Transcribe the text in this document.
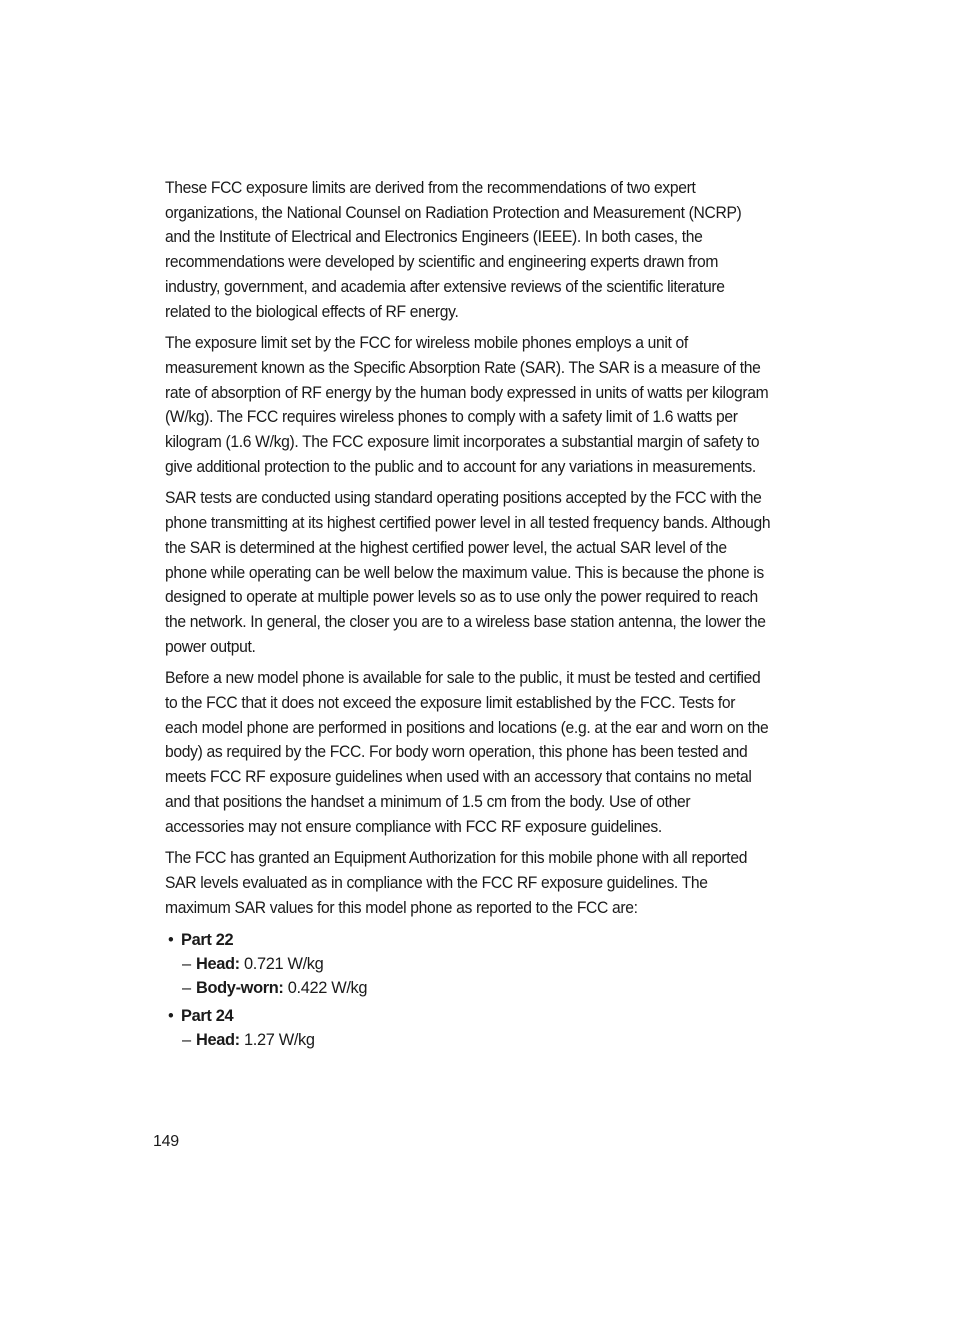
These FCC exposure limits are derived from the recommendations of two expert organizations, the National Counsel on Radiation Protection and Measurement (NCRP) and the Institute of Electrical and Electronics Engineers (IEEE). In both cases, the recommendations were developed by scientific and engineering experts drawn from industry, government, and academia after extensive reviews of the scientific literature related to the biological effects of RF energy.

The exposure limit set by the FCC for wireless mobile phones employs a unit of measurement known as the Specific Absorption Rate (SAR). The SAR is a measure of the rate of absorption of RF energy by the human body expressed in units of watts per kilogram (W/kg). The FCC requires wireless phones to comply with a safety limit of 1.6 watts per kilogram (1.6 W/kg). The FCC exposure limit incorporates a substantial margin of safety to give additional protection to the public and to account for any variations in measurements.

SAR tests are conducted using standard operating positions accepted by the FCC with the phone transmitting at its highest certified power level in all tested frequency bands. Although the SAR is determined at the highest certified power level, the actual SAR level of the phone while operating can be well below the maximum value. This is because the phone is designed to operate at multiple power levels so as to use only the power required to reach the network. In general, the closer you are to a wireless base station antenna, the lower the power output.

Before a new model phone is available for sale to the public, it must be tested and certified to the FCC that it does not exceed the exposure limit established by the FCC. Tests for each model phone are performed in positions and locations (e.g. at the ear and worn on the body) as required by the FCC. For body worn operation, this phone has been tested and meets FCC RF exposure guidelines when used with an accessory that contains no metal and that positions the handset a minimum of 1.5 cm from the body. Use of other accessories may not ensure compliance with FCC RF exposure guidelines.

The FCC has granted an Equipment Authorization for this mobile phone with all reported SAR levels evaluated as in compliance with the FCC RF exposure guidelines. The maximum SAR values for this model phone as reported to the FCC are:

• Part 22
– Head: 0.721 W/kg
– Body-worn: 0.422 W/kg
• Part 24
– Head: 1.27 W/kg
149
